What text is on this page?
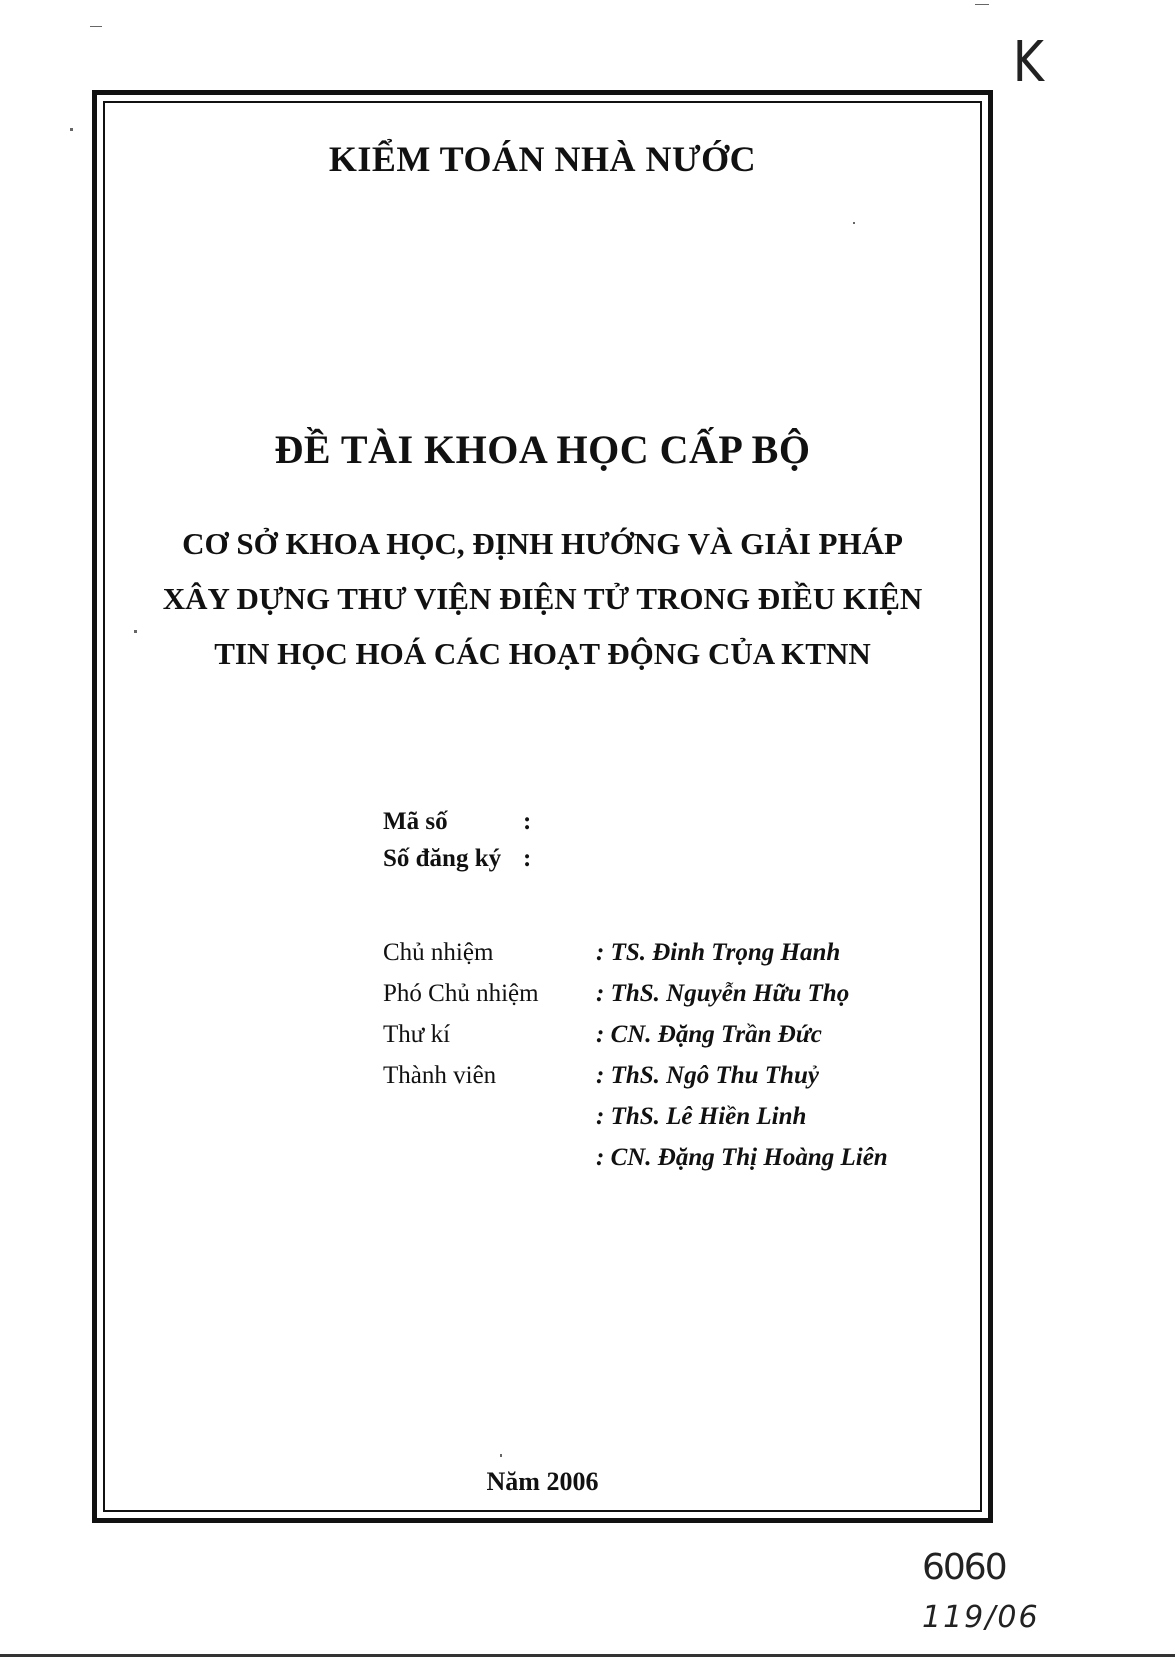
KIỂM TOÁN NHÀ NƯỚC
ĐỀ TÀI KHOA HỌC CẤP BỘ
CƠ SỞ KHOA HỌC, ĐỊNH HƯỚNG VÀ GIẢI PHÁP
XÂY DỰNG THƯ VIỆN ĐIỆN TỬ TRONG ĐIỀU KIỆN
TIN HỌC HOÁ CÁC HOẠT ĐỘNG CỦA KTNN
Mã số	:
Số đăng ký :
Chủ nhiệm	: TS. Đinh Trọng Hanh
Phó Chủ nhiệm	: ThS. Nguyễn Hữu Thọ
Thư kí	: CN. Đặng Trần Đức
Thành viên	: ThS. Ngô Thu Thuỷ
: ThS. Lê Hiền Linh
: CN. Đặng Thị Hoàng Liên
Năm 2006
K
6060
119/06
